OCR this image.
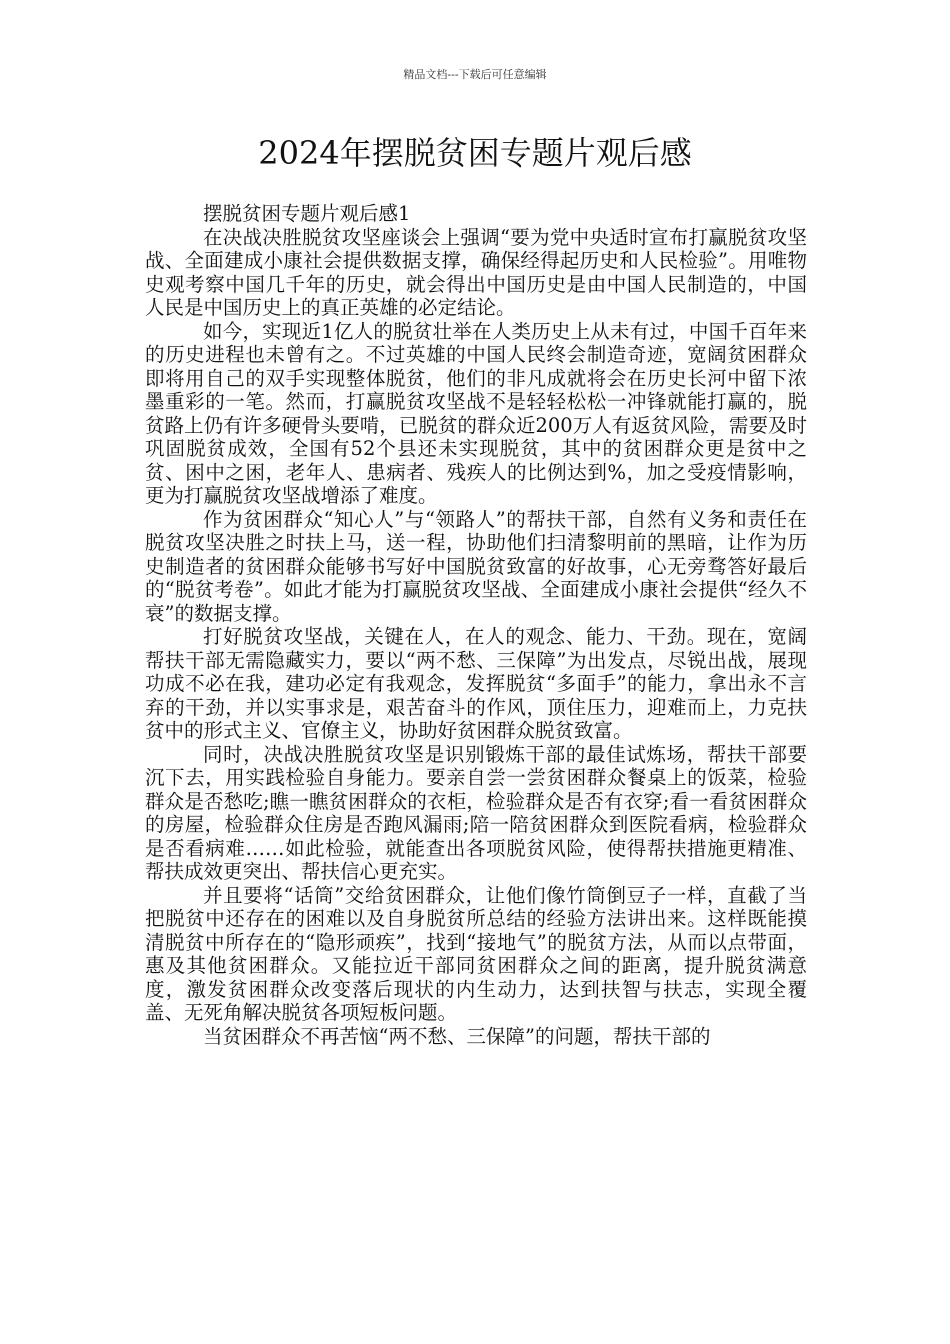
精品文档---下载后可任意编辑
2024年摆脱贫困专题片观后感

摆脱贫困专题片观后感1

在决战决胜脱贫攻坚座谈会上强调“要为党中央适时宣布打赢脱贫攻坚战、全面建成小康社会提供数据支撑，确保经得起历史和人民检验”。用唯物史观考察中国几千年的历史，就会得出中国历史是由中国人民制造的，中国人民是中国历史上的真正英雄的必定结论。

如今，实现近1亿人的脱贫壮举在人类历史上从未有过，中国千百年来的历史进程也未曾有之。不过英雄的中国人民终会制造奇迹，宽阔贫困群众即将用自己的双手实现整体脱贫，他们的非凡成就将会在历史长河中留下浓墨重彩的一笔。然而，打赢脱贫攻坚战不是轻轻松松一冲锋就能打赢的，脱贫路上仍有许多硬骨头要啃，已脱贫的群众近200万人有返贫风险，需要及时巩固脱贫成效，全国有52个县还未实现脱贫，其中的贫困群众更是贫中之贫、困中之困，老年人、患病者、残疾人的比例达到%，加之受疫情影响，更为打赢脱贫攻坚战增添了难度。

作为贫困群众“知心人”与“领路人”的帮扶干部，自然有义务和责任在脱贫攻坚决胜之时扶上马，送一程，协助他们扫清黎明前的黑暗，让作为历史制造者的贫困群众能够书写好中国脱贫致富的好故事，心无旁骛答好最后的“脱贫考卷”。如此才能为打赢脱贫攻坚战、全面建成小康社会提供“经久不衰”的数据支撑。

打好脱贫攻坚战，关键在人，在人的观念、能力、干劲。现在，宽阔帮扶干部无需隐藏实力，要以“两不愁、三保障”为出发点，尽锐出战，展现功成不必在我，建功必定有我观念，发挥脱贫“多面手”的能力，拿出永不言弃的干劲，并以实事求是，艰苦奋斗的作风，顶住压力，迎难而上，力克扶贫中的形式主义、官僚主义，协助好贫困群众脱贫致富。

同时，决战决胜脱贫攻坚是识别锻炼干部的最佳试炼场，帮扶干部要沉下去，用实践检验自身能力。要亲自尝一尝贫困群众餐桌上的饭菜，检验群众是否愁吃;瞧一瞧贫困群众的衣柜，检验群众是否有衣穿;看一看贫困群众的房屋，检验群众住房是否跑风漏雨;陪一陪贫困群众到医院看病，检验群众是否看病难……如此检验，就能查出各项脱贫风险，使得帮扶措施更精准、帮扶成效更突出、帮扶信心更充实。

并且要将“话筒”交给贫困群众，让他们像竹筒倒豆子一样，直截了当把脱贫中还存在的困难以及自身脱贫所总结的经验方法讲出来。这样既能摸清脱贫中所存在的“隐形顽疾”，找到“接地气”的脱贫方法，从而以点带面，惠及其他贫困群众。又能拉近干部同贫困群众之间的距离，提升脱贫满意度，激发贫困群众改变落后现状的内生动力，达到扶智与扶志，实现全覆盖、无死角解决脱贫各项短板问题。

当贫困群众不再苦恼“两不愁、三保障”的问题，帮扶干部的
